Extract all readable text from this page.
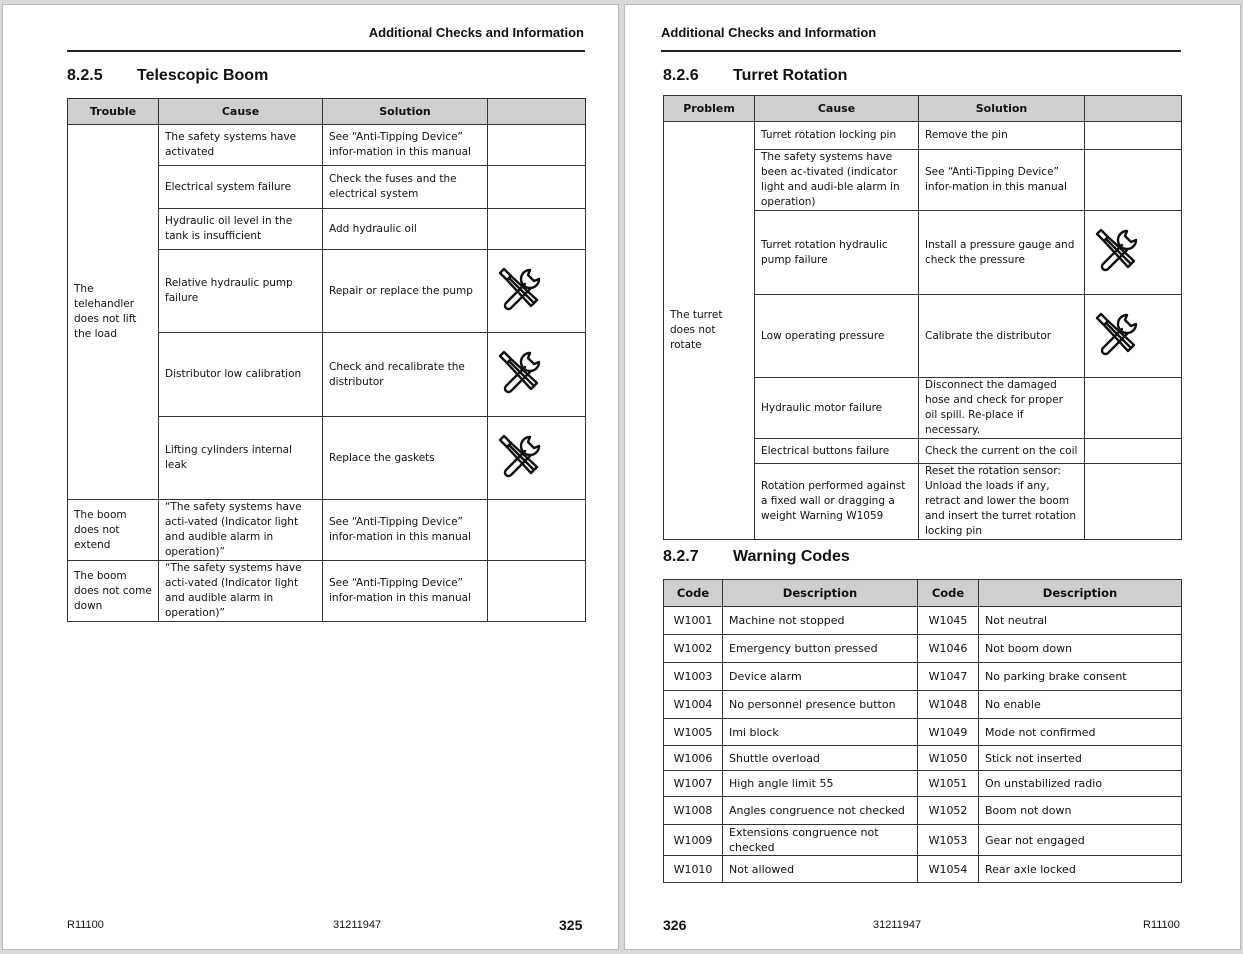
Additional Checks and Information
8.2.5 Telescopic Boom
Trouble	Cause	Solution	
The telehandler does not lift the load	The safety systems have activated	See “Anti-Tipping Device” infor-mation in this manual	
	Electrical system failure	Check the fuses and the electrical system	
	Hydraulic oil level in the tank is insufficient	Add hydraulic oil	
	Relative hydraulic pump failure	Repair or replace the pump	
	Distributor low calibration	Check and recalibrate the distributor	
	Lifting cylinders internal leak	Replace the gaskets	
The boom does not extend	“The safety systems have acti-vated (Indicator light and audible alarm in operation)”	See “Anti-Tipping Device” infor-mation in this manual	
The boom does not come down	“The safety systems have acti-vated (Indicator light and audible alarm in operation)”	See “Anti-Tipping Device” infor-mation in this manual	
R11100	31211947	325
Additional Checks and Information
8.2.6 Turret Rotation
Problem	Cause	Solution	
The turret does not rotate	Turret rotation locking pin	Remove the pin	
	The safety systems have been ac-tivated (indicator light and audi-ble alarm in operation)	See “Anti-Tipping Device” infor-mation in this manual	
	Turret rotation hydraulic pump failure	Install a pressure gauge and check the pressure	
	Low operating pressure	Calibrate the distributor	
	Hydraulic motor failure	Disconnect the damaged hose and check for proper oil spill. Re-place if necessary.	
	Electrical buttons failure	Check the current on the coil	
	Rotation performed against a fixed wall or dragging a weight Warning W1059	Reset the rotation sensor: Unload the loads if any, retract and lower the boom and insert the turret rotation locking pin	
8.2.7 Warning Codes
Code	Description	Code	Description
W1001	Machine not stopped	W1045	Not neutral
W1002	Emergency button pressed	W1046	Not boom down
W1003	Device alarm	W1047	No parking brake consent
W1004	No personnel presence button	W1048	No enable
W1005	Imi block	W1049	Mode not confirmed
W1006	Shuttle overload	W1050	Stick not inserted
W1007	High angle limit 55	W1051	On unstabilized radio
W1008	Angles congruence not checked	W1052	Boom not down
W1009	Extensions congruence not checked	W1053	Gear not engaged
W1010	Not allowed	W1054	Rear axle locked
326	31211947	R11100
